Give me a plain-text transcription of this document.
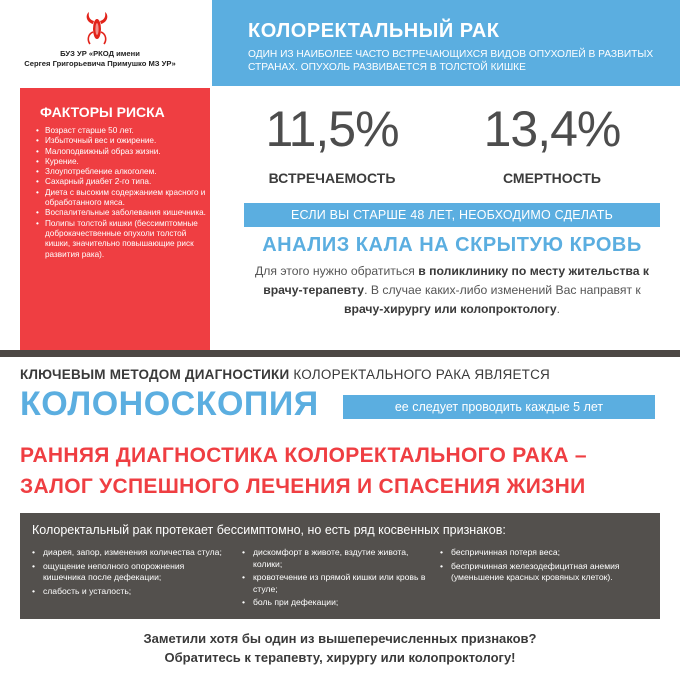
БУЗ УР «РКОД имени
Сергея Григорьевича Примушко МЗ УР»
КОЛОРЕКТАЛЬНЫЙ РАК
ОДИН ИЗ НАИБОЛЕЕ ЧАСТО ВСТРЕЧАЮЩИХСЯ ВИДОВ ОПУХОЛЕЙ В РАЗВИТЫХ СТРАНАХ. ОПУХОЛЬ РАЗВИВАЕТСЯ В ТОЛСТОЙ КИШКЕ
ФАКТОРЫ РИСКА
• Возраст старше 50 лет.
• Избыточный вес и ожирение.
• Малоподвижный образ жизни.
• Курение.
• Злоупотребление алкоголем.
• Сахарный диабет 2-го типа.
• Диета с высоким содержанием красного и обработанного мяса.
• Воспалительные заболевания кишечника.
• Полипы толстой кишки (бессимптомные доброкачественные опухоли толстой кишки, значительно повышающие риск развития рака).
11,5%	13,4%
ВСТРЕЧАЕМОСТЬ	СМЕРТНОСТЬ
ЕСЛИ ВЫ СТАРШЕ 48 ЛЕТ, НЕОБХОДИМО СДЕЛАТЬ
АНАЛИЗ КАЛА НА СКРЫТУЮ КРОВЬ
Для этого нужно обратиться в поликлинику по месту жительства к врачу-терапевту. В случае каких-либо изменений Вас направят к врачу-хирургу или колопроктологу.
КЛЮЧЕВЫМ МЕТОДОМ ДИАГНОСТИКИ КОЛОРЕКТАЛЬНОГО РАКА ЯВЛЯЕТСЯ
КОЛОНОСКОПИЯ	ее следует проводить каждые 5 лет
РАННЯЯ ДИАГНОСТИКА КОЛОРЕКТАЛЬНОГО РАКА –
ЗАЛОГ УСПЕШНОГО ЛЕЧЕНИЯ И СПАСЕНИЯ ЖИЗНИ
Колоректальный рак протекает бессимптомно, но есть ряд косвенных признаков:
• диарея, запор, изменения количества стула;
• ощущение неполного опорожнения кишечника после дефекации;
• слабость и усталость;
• дискомфорт в животе, вздутие живота, колики;
• кровотечение из прямой кишки или кровь в стуле;
• боль при дефекации;
• беспричинная потеря веса;
• беспричинная железодефицитная анемия (уменьшение красных кровяных клеток).
Заметили хотя бы один из вышеперечисленных признаков?
Обратитесь к терапевту, хирургу или колопроктологу!
